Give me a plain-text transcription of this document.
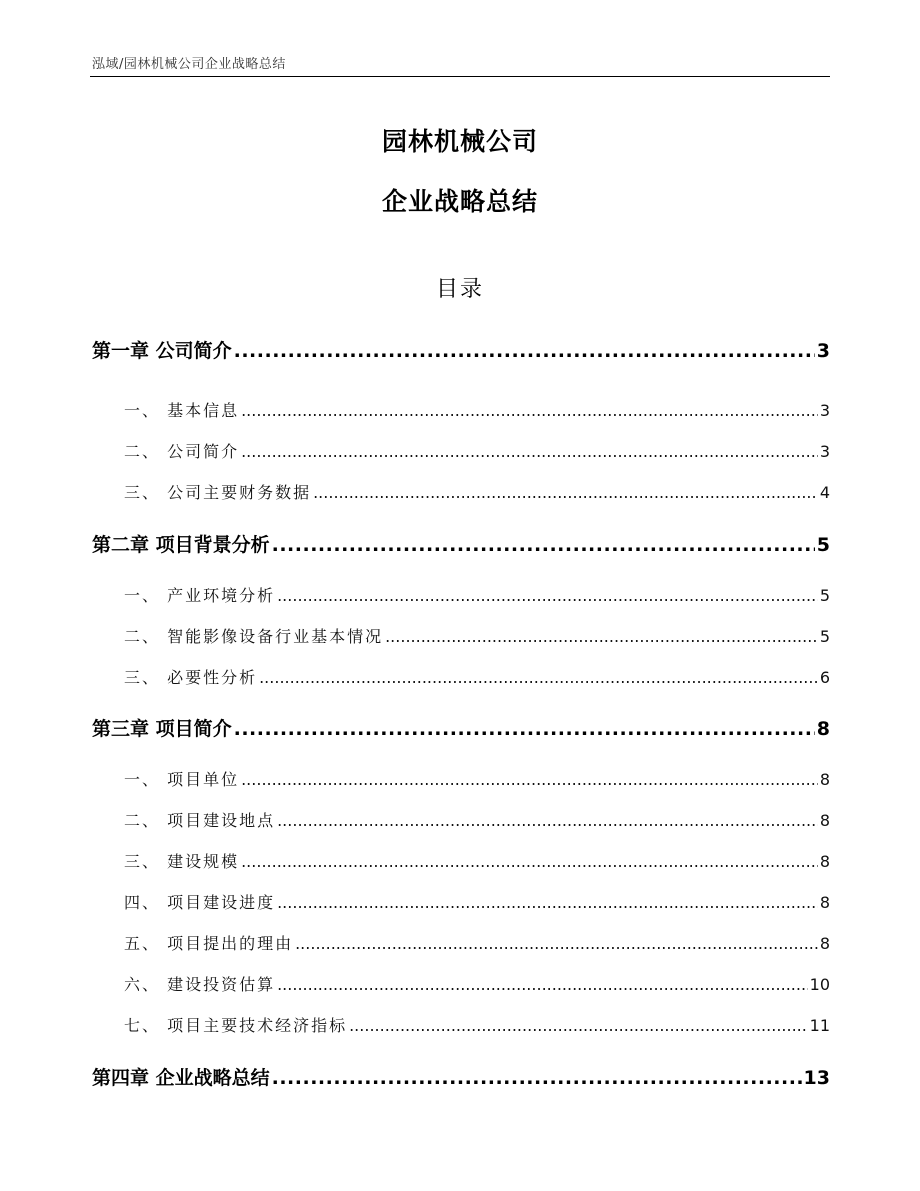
泓域/园林机械公司企业战略总结
园林机械公司
企业战略总结
目录
第一章 公司简介 .....	3
一、 基本信息 .....	3
二、 公司简介 .....	3
三、 公司主要财务数据 .....	4
第二章 项目背景分析 .....	5
一、 产业环境分析 .....	5
二、 智能影像设备行业基本情况 .....	5
三、 必要性分析 .....	6
第三章 项目简介 .....	8
一、 项目单位 .....	8
二、 项目建设地点 .....	8
三、 建设规模 .....	8
四、 项目建设进度 .....	8
五、 项目提出的理由 .....	8
六、 建设投资估算 .....	10
七、 项目主要技术经济指标 .....	11
第四章 企业战略总结 .....	13
